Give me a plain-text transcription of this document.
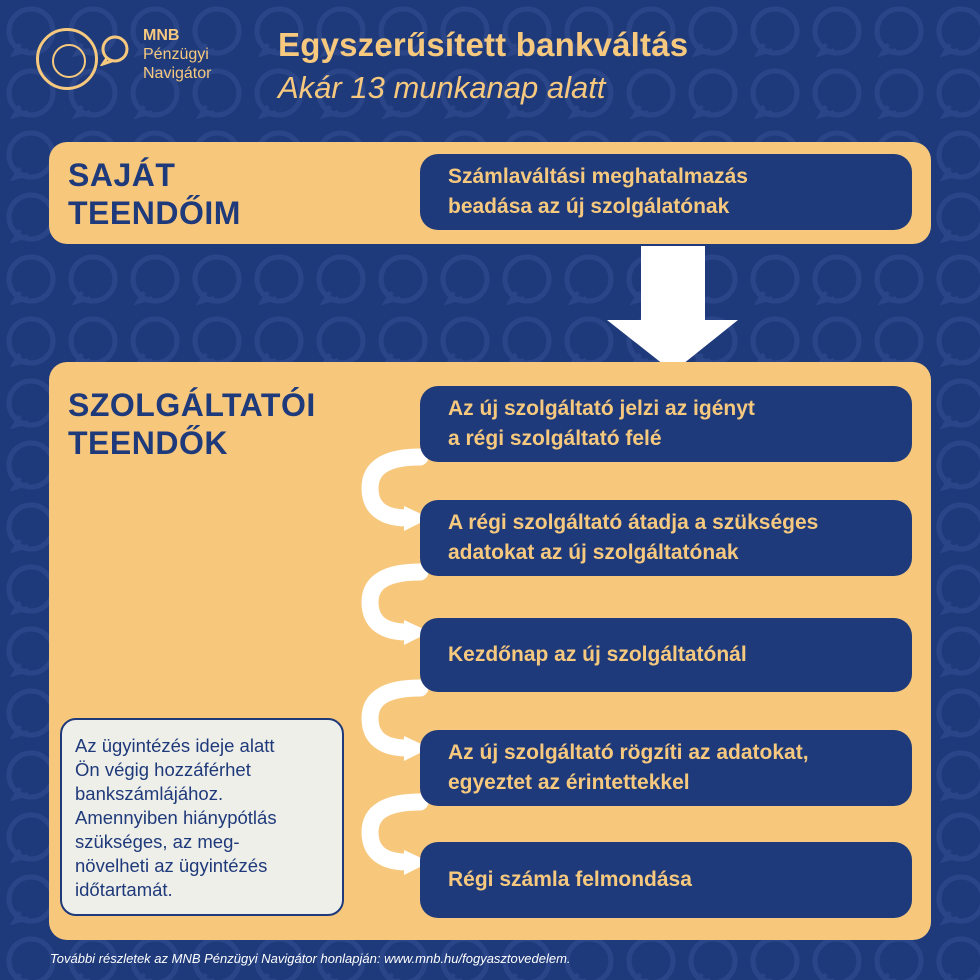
MNB
Pénzügyi
Navigátor
Egyszerűsített bankváltás
Akár 13 munkanap alatt
SAJÁT
TEENDŐIM
Számlaváltási meghatalmazás
beadása az új szolgálatónak
SZOLGÁLTATÓI
TEENDŐK
Az új szolgáltató jelzi az igényt
a régi szolgáltató felé
A régi szolgáltató átadja a szükséges
adatokat az új szolgáltatónak
Kezdőnap az új szolgáltatónál
Az új szolgáltató rögzíti az adatokat,
egyeztet az érintettekkel
Régi számla felmondása
Az ügyintézés ideje alatt
Ön végig hozzáférhet
bankszámlájához.
Amennyiben hiánypótlás
szükséges, az meg-
növelheti az ügyintézés
időtartamát.
További részletek az MNB Pénzügyi Navigátor honlapján: www.mnb.hu/fogyasztovedelem.
